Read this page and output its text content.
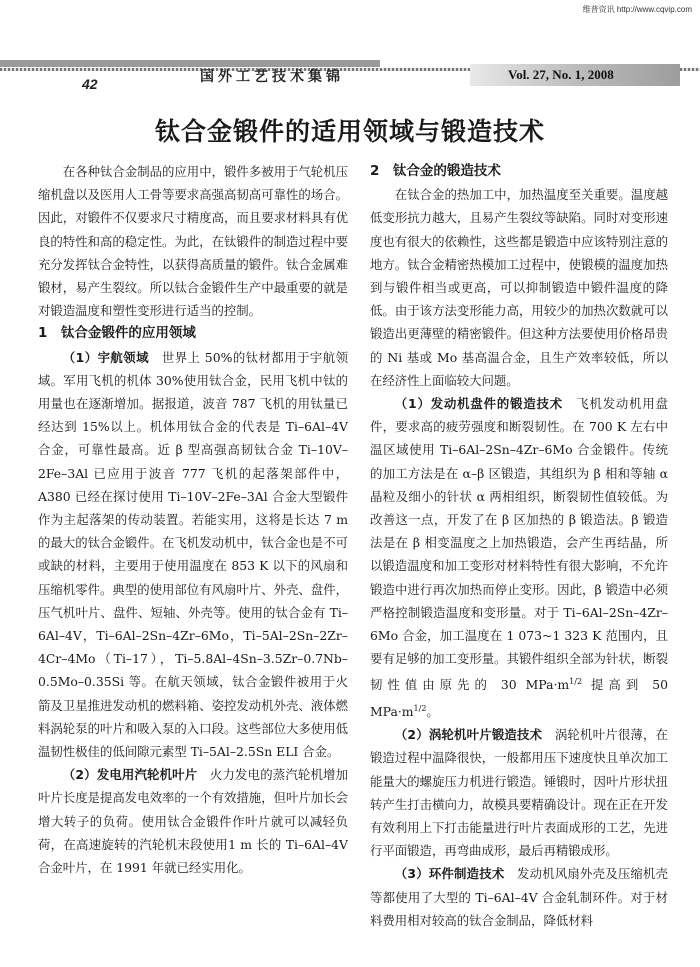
维普资讯 http://www.cqvip.com
国外工艺技术集锦
42
Vol. 27, No. 1, 2008
钛合金锻件的适用领域与锻造技术

在各种钛合金制品的应用中，锻件多被用于气轮机压缩机盘以及医用人工骨等要求高强高韧高可靠性的场合。因此，对锻件不仅要求尺寸精度高，而且要求材料具有优良的特性和高的稳定性。为此，在钛锻件的制造过程中要充分发挥钛合金特性，以获得高质量的锻件。钛合金属难锻材，易产生裂纹。所以钛合金锻件生产中最重要的就是对锻造温度和塑性变形进行适当的控制。

1　钛合金锻件的应用领域

（1）宇航领域　 世界上 50%的钛材都用于宇航领域。军用飞机的机体 30%使用钛合金，民用飞机中钛的用量也在逐渐增加。据报道，波音 787 飞机的用钛量已经达到 15%以上。机体用钛合金的代表是 Ti–6Al–4V 合金，可靠性最高。近 β 型高强高韧钛合金 Ti–10V–2Fe–3Al 已应用于波音 777 飞机的起落架部件中，A380 已经在探讨使用 Ti–10V–2Fe–3Al 合金大型锻件作为主起落架的传动装置。若能实用，这将是长达 7 m 的最大的钛合金锻件。在飞机发动机中，钛合金也是不可或缺的材料，主要用于使用温度在 853 K 以下的风扇和压缩机零件。典型的使用部位有风扇叶片、外壳、盘件，压气机叶片、盘件、短轴、外壳等。使用的钛合金有 Ti–6Al–4V，Ti–6Al–2Sn–4Zr–6Mo，Ti–5Al–2Sn–2Zr–4Cr–4Mo（Ti–17），Ti–5.8Al–4Sn–3.5Zr–0.7Nb–0.5Mo–0.35Si 等。在航天领域，钛合金锻件被用于火箭及卫星推进发动机的燃料箱、姿控发动机外壳、液体燃料涡轮泵的叶片和吸入泵的入口段。这些部位大多使用低温韧性极佳的低间隙元素型 Ti–5Al–2.5Sn ELI 合金。

（2）发电用汽轮机叶片　 火力发电的蒸汽轮机增加叶片长度是提高发电效率的一个有效措施，但叶片加长会增大转子的负荷。使用钛合金锻件作叶片就可以减轻负荷，在高速旋转的汽轮机末段使用1 m 长的 Ti–6Al–4V 合金叶片，在 1991 年就已经实用化。

2　钛合金的锻造技术

在钛合金的热加工中，加热温度至关重要。温度越低变形抗力越大，且易产生裂纹等缺陷。同时对变形速度也有很大的依赖性，这些都是锻造中应该特别注意的地方。钛合金精密热模加工过程中，使锻模的温度加热到与锻件相当或更高，可以抑制锻造中锻件温度的降低。由于该方法变形能力高，用较少的加热次数就可以锻造出更薄壁的精密锻件。但这种方法要使用价格昂贵的 Ni 基或 Mo 基高温合金，且生产效率较低，所以在经济性上面临较大问题。

（1）发动机盘件的锻造技术　 飞机发动机用盘件，要求高的疲劳强度和断裂韧性。在 700 K 左右中温区域使用 Ti–6Al–2Sn–4Zr–6Mo 合金锻件。传统的加工方法是在 α–β 区锻造，其组织为 β 相和等轴 α 晶粒及细小的针状 α 两相组织，断裂韧性值较低。为改善这一点，开发了在 β 区加热的 β 锻造法。β 锻造法是在 β 相变温度之上加热锻造，会产生再结晶，所以锻造温度和加工变形对材料特性有很大影响，不允许锻造中进行再次加热而停止变形。因此，β 锻造中必须严格控制锻造温度和变形量。对于 Ti–6Al–2Sn–4Zr–6Mo 合金，加工温度在 1 073~1 323 K 范围内，且要有足够的加工变形量。其锻件组织全部为针状，断裂韧性值由原先的 30 $MPa\cdot m^{1/2}$ 提高到 50 $MPa\cdot m^{1/2}$。

（2）涡轮机叶片锻造技术　 涡轮机叶片很薄，在锻造过程中温降很快，一般都用压下速度快且单次加工能量大的螺旋压力机进行锻造。锤锻时，因叶片形状扭转产生打击横向力，故模具要精确设计。现在正在开发有效利用上下打击能量进行叶片表面成形的工艺，先进行平面锻造，再弯曲成形，最后再精锻成形。

（3）环件制造技术　 发动机风扇外壳及压缩机壳等都使用了大型的 Ti–6Al–4V 合金轧制环件。对于材料费用相对较高的钛合金制品，降低材料
